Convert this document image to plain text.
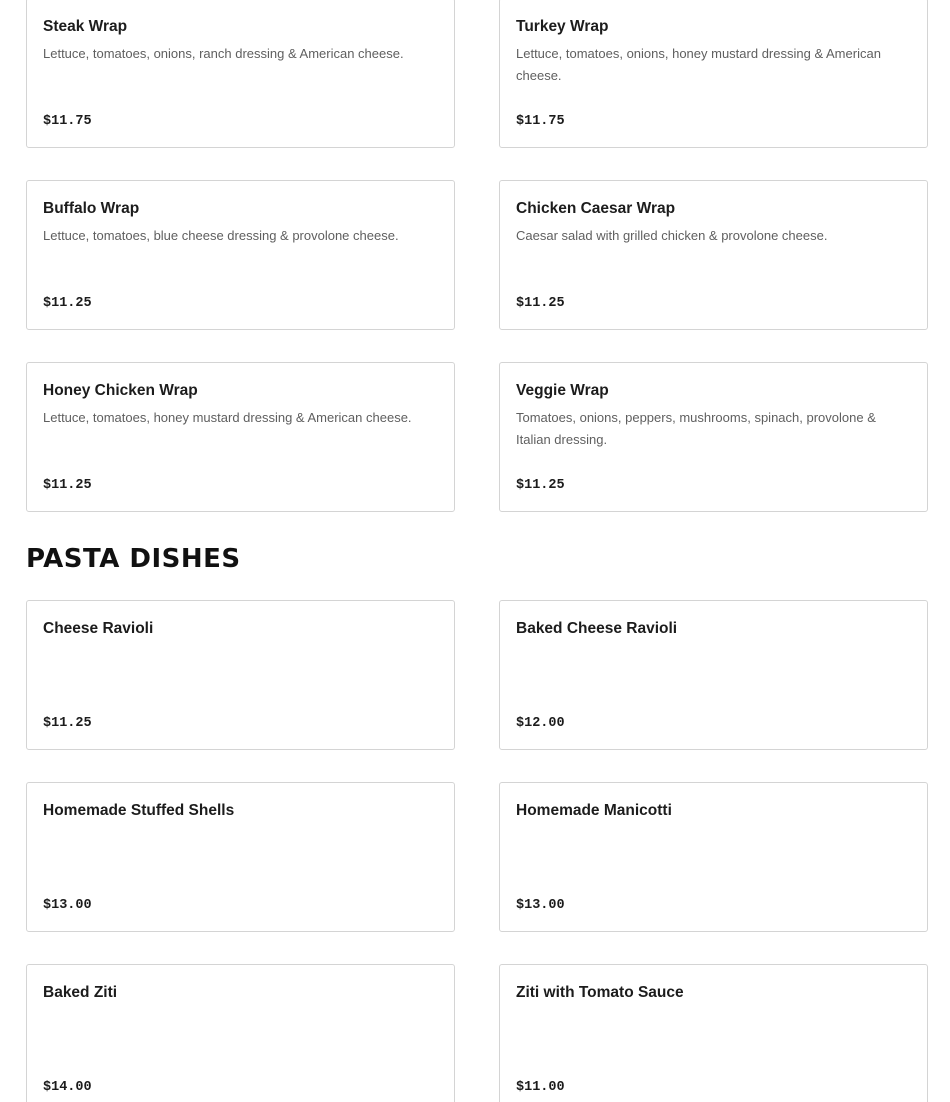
Steak Wrap
Lettuce, tomatoes, onions, ranch dressing & American cheese.
$11.75
Turkey Wrap
Lettuce, tomatoes, onions, honey mustard dressing & American cheese.
$11.75
Buffalo Wrap
Lettuce, tomatoes, blue cheese dressing & provolone cheese.
$11.25
Chicken Caesar Wrap
Caesar salad with grilled chicken & provolone cheese.
$11.25
Honey Chicken Wrap
Lettuce, tomatoes, honey mustard dressing & American cheese.
$11.25
Veggie Wrap
Tomatoes, onions, peppers, mushrooms, spinach, provolone & Italian dressing.
$11.25
PASTA DISHES
Cheese Ravioli
$11.25
Baked Cheese Ravioli
$12.00
Homemade Stuffed Shells
$13.00
Homemade Manicotti
$13.00
Baked Ziti
$14.00
Ziti with Tomato Sauce
$11.00
